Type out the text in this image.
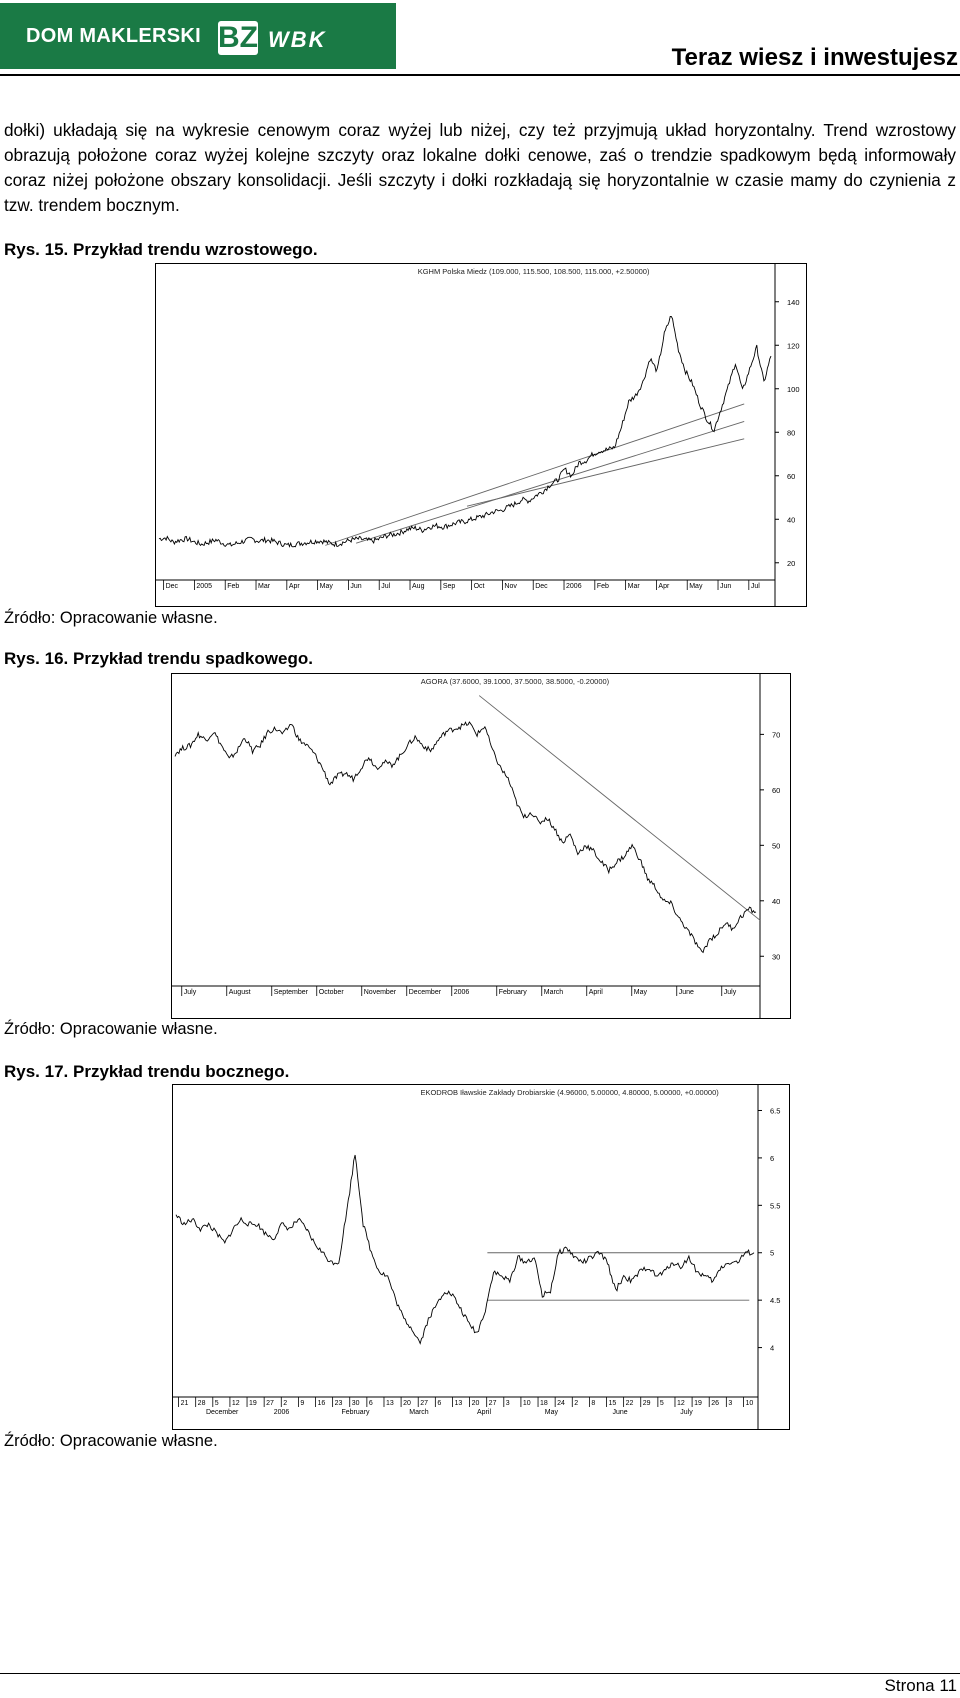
DOM MAKLERSKI BZ WBK
Teraz wiesz i inwestujesz
dołki) układają się na wykresie cenowym coraz wyżej lub niżej, czy też przyjmują układ horyzontalny. Trend wzrostowy obrazują położone coraz wyżej kolejne szczyty oraz lokalne dołki cenowe, zaś o trendzie spadkowym będą informowały coraz niżej położone obszary konsolidacji. Jeśli szczyty i dołki rozkładają się horyzontalnie w czasie mamy do czynienia z tzw. trendem bocznym.
Rys. 15. Przykład trendu wzrostowego.
KGHM Polska Miedz (109.000, 115.500, 108.500, 115.000, +2.50000)
140
120
100
80
60
40
20
Dec	2005 Feb	Mar	Apr	May	Jun	Jul	Aug	Sep	Oct	Nov	Dec	2006 Feb	Mar	Apr	May	Jun	Jul
Źródło: Opracowanie własne.
Rys. 16. Przykład trendu spadkowego.
AGORA (37.6000, 39.1000, 37.5000, 38.5000, -0.20000)
70
60
50
40
30
July	August	September October	November December 2006	February March	April	May	June	July
Źródło: Opracowanie własne.
Rys. 17. Przykład trendu bocznego.
EKODROB Iławskie Zakłady Drobiarskie (4.96000, 5.00000, 4.80000, 5.00000, +0.00000)
6.5
6
5.5
5
4.5
4
21 28 5 12 19 27 2 9 16 23 30 6 13 20 27 6 13 20 27 3 10 18 24 2 8 15 22 29 5 12 19 26 3 10
December	2006	February	March	April	May	June	July
Źródło: Opracowanie własne.
Strona 11
